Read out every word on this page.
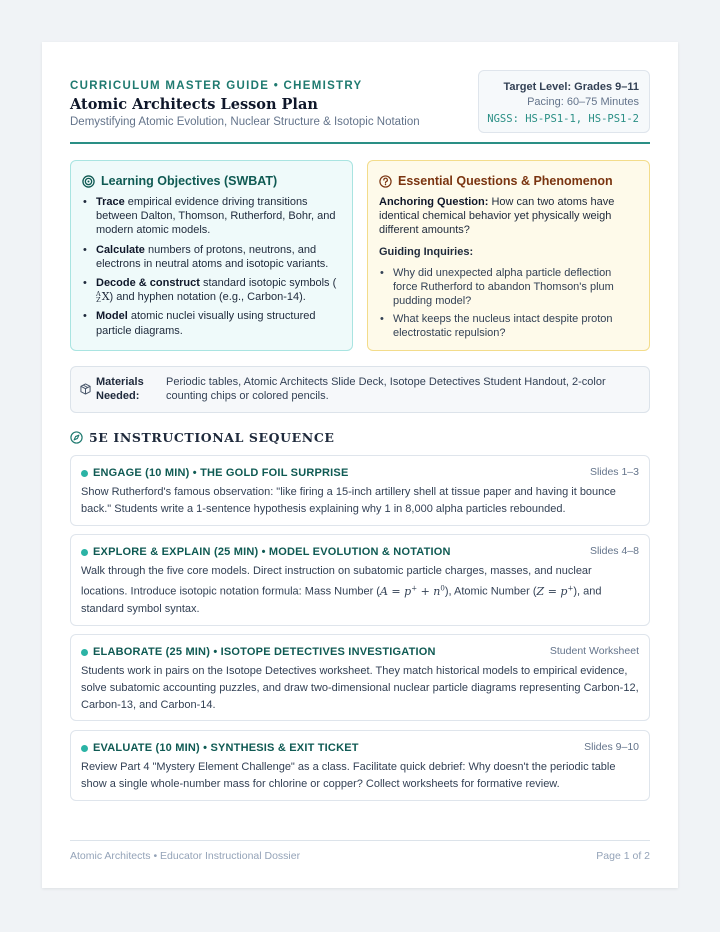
CURRICULUM MASTER GUIDE • CHEMISTRY
Atomic Architects Lesson Plan
Demystifying Atomic Evolution, Nuclear Structure & Isotopic Notation
Target Level: Grades 9–11
Pacing: 60–75 Minutes
NGSS: HS-PS1-1, HS-PS1-2
Learning Objectives (SWBAT)
• Trace empirical evidence driving transitions between Dalton, Thomson, Rutherford, Bohr, and modern atomic models.
• Calculate numbers of protons, neutrons, and electrons in neutral atoms and isotopic variants.
• Decode & construct standard isotopic symbols (A
ZX) and hyphen notation (e.g., Carbon-14).
• Model atomic nuclei visually using structured particle diagrams.
Essential Questions & Phenomenon
Anchoring Question: How can two atoms have identical chemical behavior yet physically weigh different amounts?
Guiding Inquiries:
• Why did unexpected alpha particle deflection force Rutherford to abandon Thomson's plum pudding model?
• What keeps the nucleus intact despite proton electrostatic repulsion?
Materials
Needed:
Periodic tables, Atomic Architects Slide Deck, Isotope Detectives Student Handout, 2-color counting chips or colored pencils.
5E INSTRUCTIONAL SEQUENCE
ENGAGE (10 MIN) • THE GOLD FOIL SURPRISE	Slides 1–3
Show Rutherford's famous observation: "like firing a 15-inch artillery shell at tissue paper and having it bounce back." Students write a 1-sentence hypothesis explaining why 1 in 8,000 alpha particles rebounded.
EXPLORE & EXPLAIN (25 MIN) • MODEL EVOLUTION & NOTATION	Slides 4–8
Walk through the five core models. Direct instruction on subatomic particle charges, masses, and nuclear locations. Introduce isotopic notation formula: Mass Number $(A = p^+ + n^0)$, Atomic Number (Z = p+), and standard symbol syntax.
ELABORATE (25 MIN) • ISOTOPE DETECTIVES INVESTIGATION	Student Worksheet
Students work in pairs on the Isotope Detectives worksheet. They match historical models to empirical evidence, solve subatomic accounting puzzles, and draw two-dimensional nuclear particle diagrams representing Carbon-12, Carbon-13, and Carbon-14.
EVALUATE (10 MIN) • SYNTHESIS & EXIT TICKET	Slides 9–10
Review Part 4 "Mystery Element Challenge" as a class. Facilitate quick debrief: Why doesn't the periodic table show a single whole-number mass for chlorine or copper? Collect worksheets for formative review.
Atomic Architects • Educator Instructional Dossier	Page 1 of 2
